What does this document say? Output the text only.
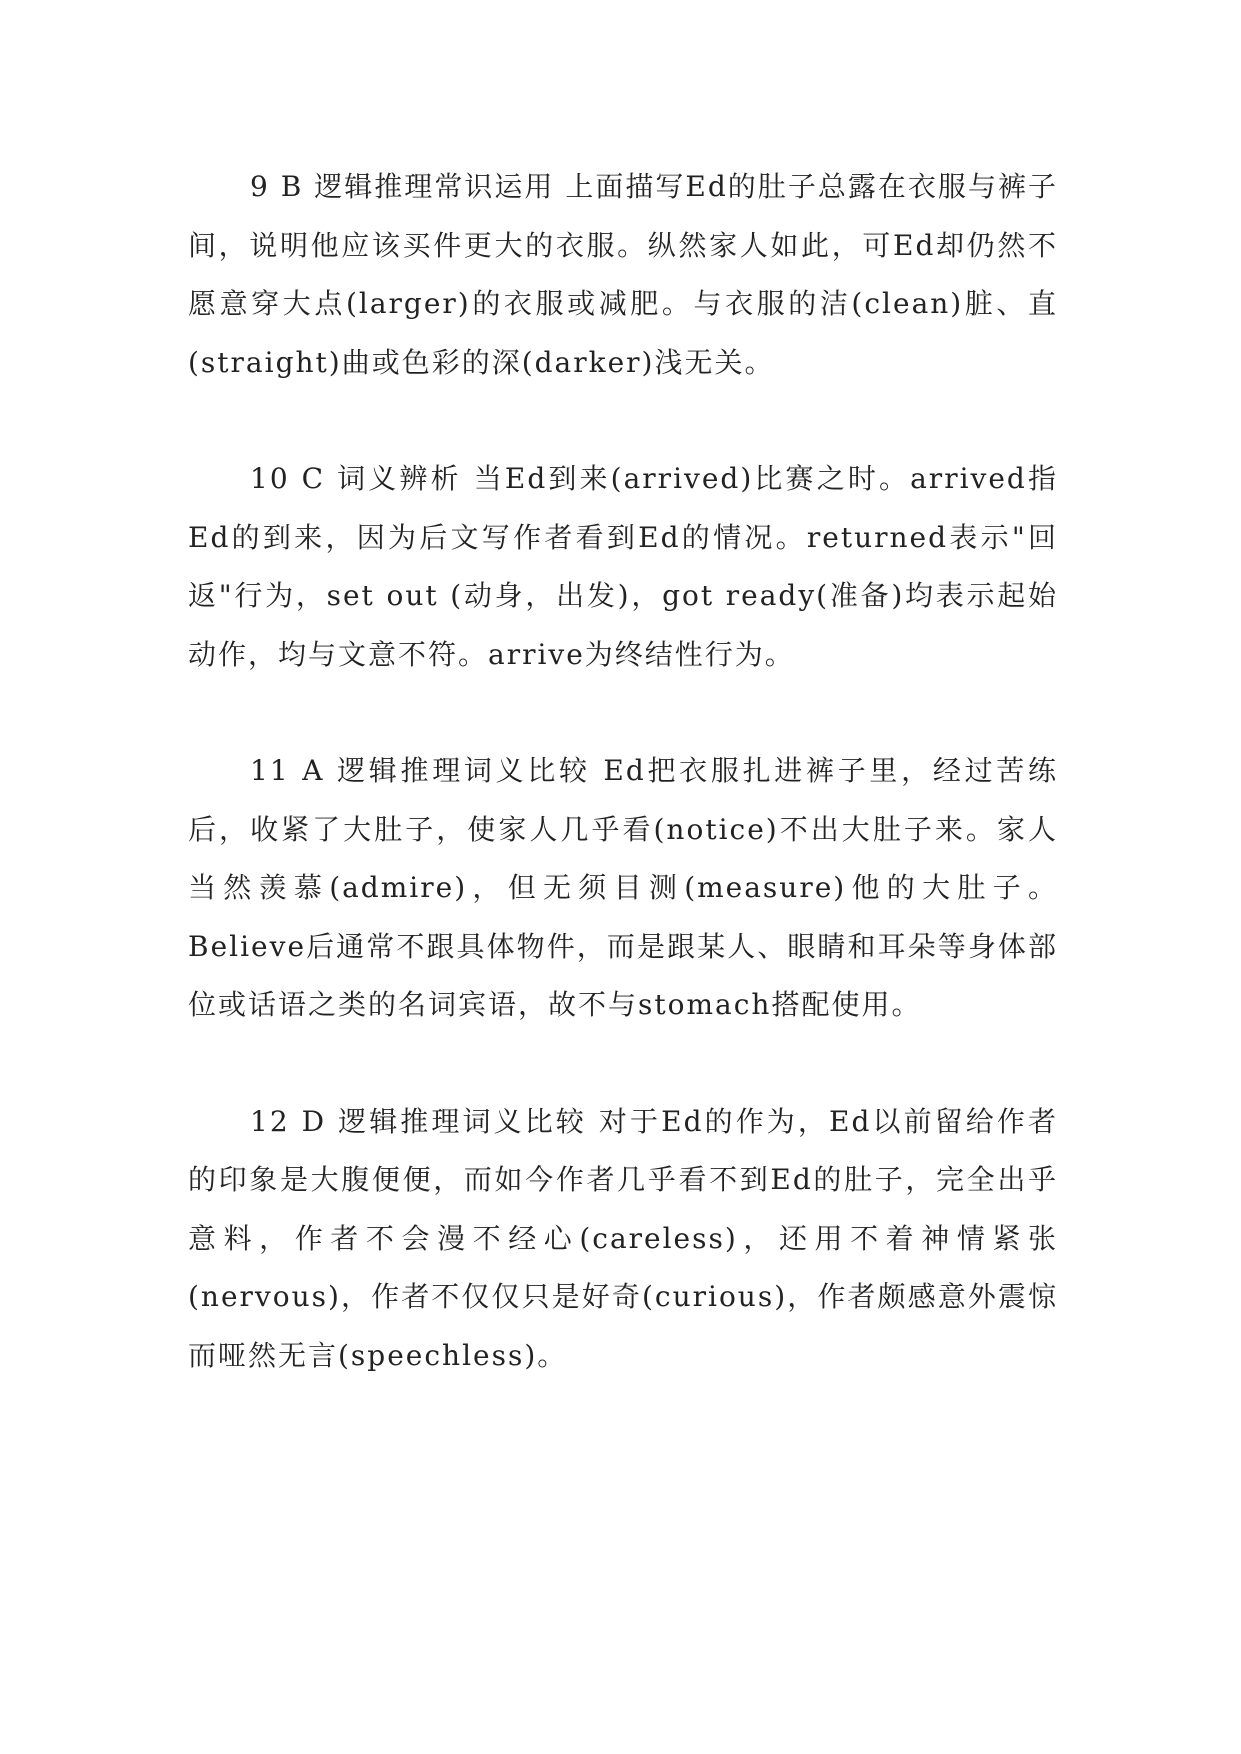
9 B 逻辑推理常识运用 上面描写Ed的肚子总露在衣服与裤子间，说明他应该买件更大的衣服。纵然家人如此，可Ed却仍然不愿意穿大点(larger)的衣服或减肥。与衣服的洁(clean)脏、直(straight)曲或色彩的深(darker)浅无关。

10 C 词义辨析 当Ed到来(arrived)比赛之时。arrived指Ed的到来，因为后文写作者看到Ed的情况。returned表示"回返"行为，set out (动身，出发)，got ready(准备)均表示起始动作，均与文意不符。arrive为终结性行为。

11 A 逻辑推理词义比较 Ed把衣服扎进裤子里，经过苦练后，收紧了大肚子，使家人几乎看(notice)不出大肚子来。家人当然羡慕(admire)，但无须目测(measure)他的大肚子。Believe后通常不跟具体物件，而是跟某人、眼睛和耳朵等身体部位或话语之类的名词宾语，故不与stomach搭配使用。

12 D 逻辑推理词义比较 对于Ed的作为，Ed以前留给作者的印象是大腹便便，而如今作者几乎看不到Ed的肚子，完全出乎意料，作者不会漫不经心(careless)，还用不着神情紧张(nervous)，作者不仅仅只是好奇(curious)，作者颇感意外震惊而哑然无言(speechless)。
